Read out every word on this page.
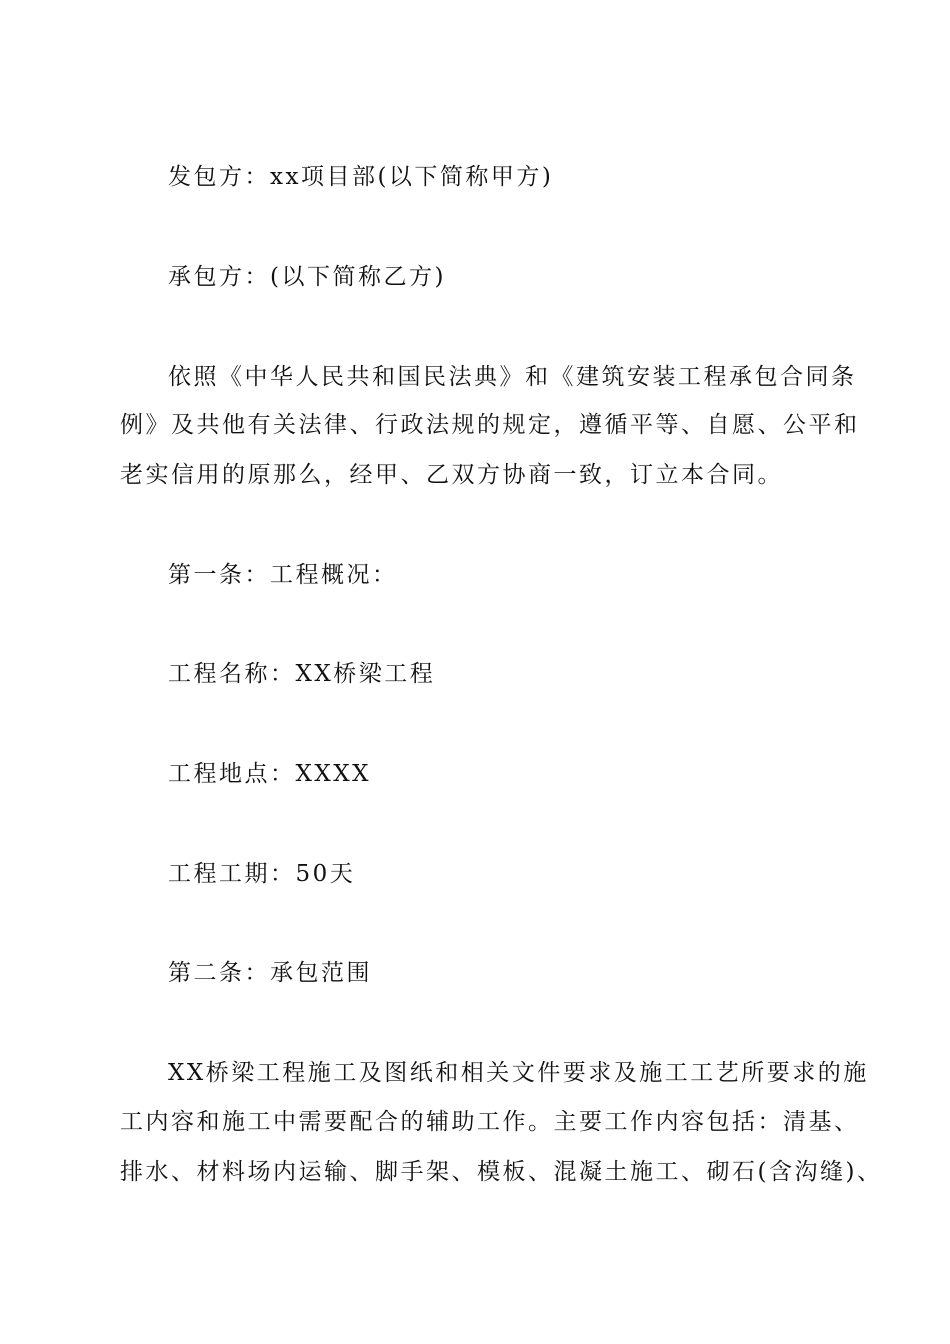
发包方：xx项目部(以下简称甲方)
承包方：(以下简称乙方)
依照《中华人民共和国民法典》和《建筑安装工程承包合同条
例》及共他有关法律、行政法规的规定，遵循平等、自愿、公平和
老实信用的原那么，经甲、乙双方协商一致，订立本合同。
第一条：工程概况：
工程名称：XX桥梁工程
工程地点：XXXX
工程工期：50天
第二条：承包范围
XX桥梁工程施工及图纸和相关文件要求及施工工艺所要求的施
工内容和施工中需要配合的辅助工作。主要工作内容包括：清基、
排水、材料场内运输、脚手架、模板、混凝土施工、砌石(含沟缝)、
